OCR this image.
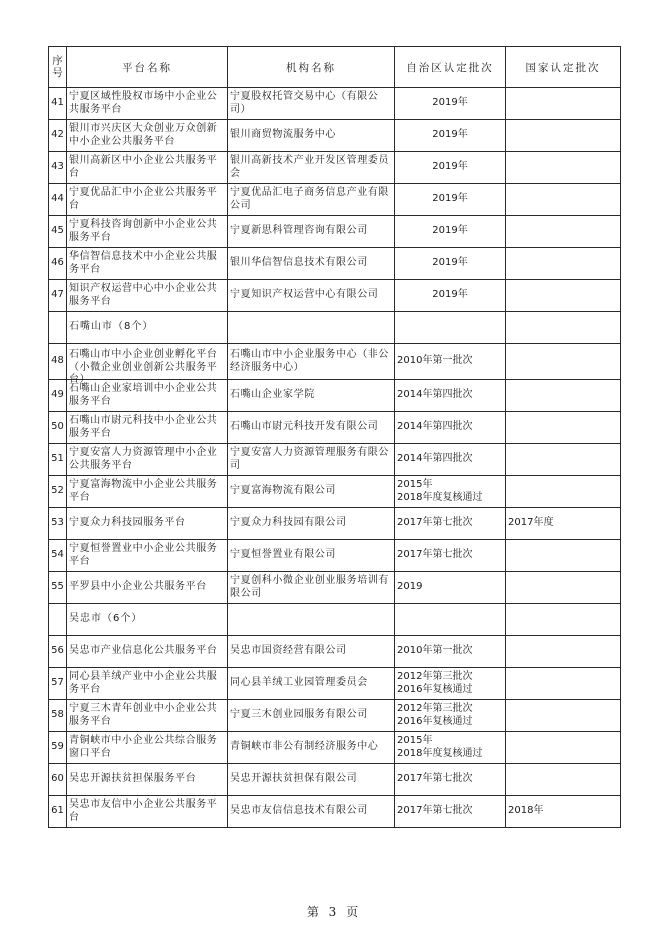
序号	平台名称	机构名称	自治区认定批次	国家认定批次

41	宁夏区域性股权市场中小企业公共服务平台	宁夏股权托管交易中心（有限公司）	2019年	

42	银川市兴庆区大众创业万众创新中小企业公共服务平台	银川商贸物流服务中心	2019年	

43	银川高新区中小企业公共服务平台	银川高新技术产业开发区管理委员会	2019年	

44	宁夏优品汇中小企业公共服务平台	宁夏优品汇电子商务信息产业有限公司	2019年	

45	宁夏科技咨询创新中小企业公共服务平台	宁夏新思科管理咨询有限公司	2019年	

46	华信智信息技术中小企业公共服务平台	银川华信智信息技术有限公司	2019年	

47	知识产权运营中心中小企业公共服务平台	宁夏知识产权运营中心有限公司	2019年	

	石嘴山市（8个）			

48	石嘴山市中小企业创业孵化平台（小微企业创业创新公共服务平台）	石嘴山市中小企业服务中心（非公经济服务中心）	2010年第一批次	

49	石嘴山企业家培训中小企业公共服务平台	石嘴山企业家学院	2014年第四批次	

50	石嘴山市尉元科技中小企业公共服务平台	石嘴山市尉元科技开发有限公司	2014年第四批次	

51	宁夏安富人力资源管理中小企业公共服务平台	宁夏安富人力资源管理服务有限公司	2014年第四批次	

52	宁夏富海物流中小企业公共服务平台	宁夏富海物流有限公司	2015年
2018年度复核通过	

53	宁夏众力科技园服务平台	宁夏众力科技园有限公司	2017年第七批次	2017年度

54	宁夏恒誉置业中小企业公共服务平台	宁夏恒誉置业有限公司	2017年第七批次	

55	平罗县中小企业公共服务平台	宁夏创科小微企业创业服务培训有限公司	2019	

	吴忠市（6个）			

56	吴忠市产业信息化公共服务平台	吴忠市国资经营有限公司	2010年第一批次	

57	同心县羊绒产业中小企业公共服务平台	同心县羊绒工业园管理委员会	2012年第三批次
2016年复核通过	

58	宁夏三木青年创业中小企业公共服务平台	宁夏三木创业园服务有限公司	2012年第三批次
2016年复核通过	

59	青铜峡市中小企业公共综合服务窗口平台	青铜峡市非公有制经济服务中心	2015年
2018年度复核通过	

60	吴忠开源扶贫担保服务平台	吴忠开源扶贫担保有限公司	2017年第七批次	

61	吴忠市友信中小企业公共服务平台	吴忠市友信信息技术有限公司	2017年第七批次	2018年
第 3 页
